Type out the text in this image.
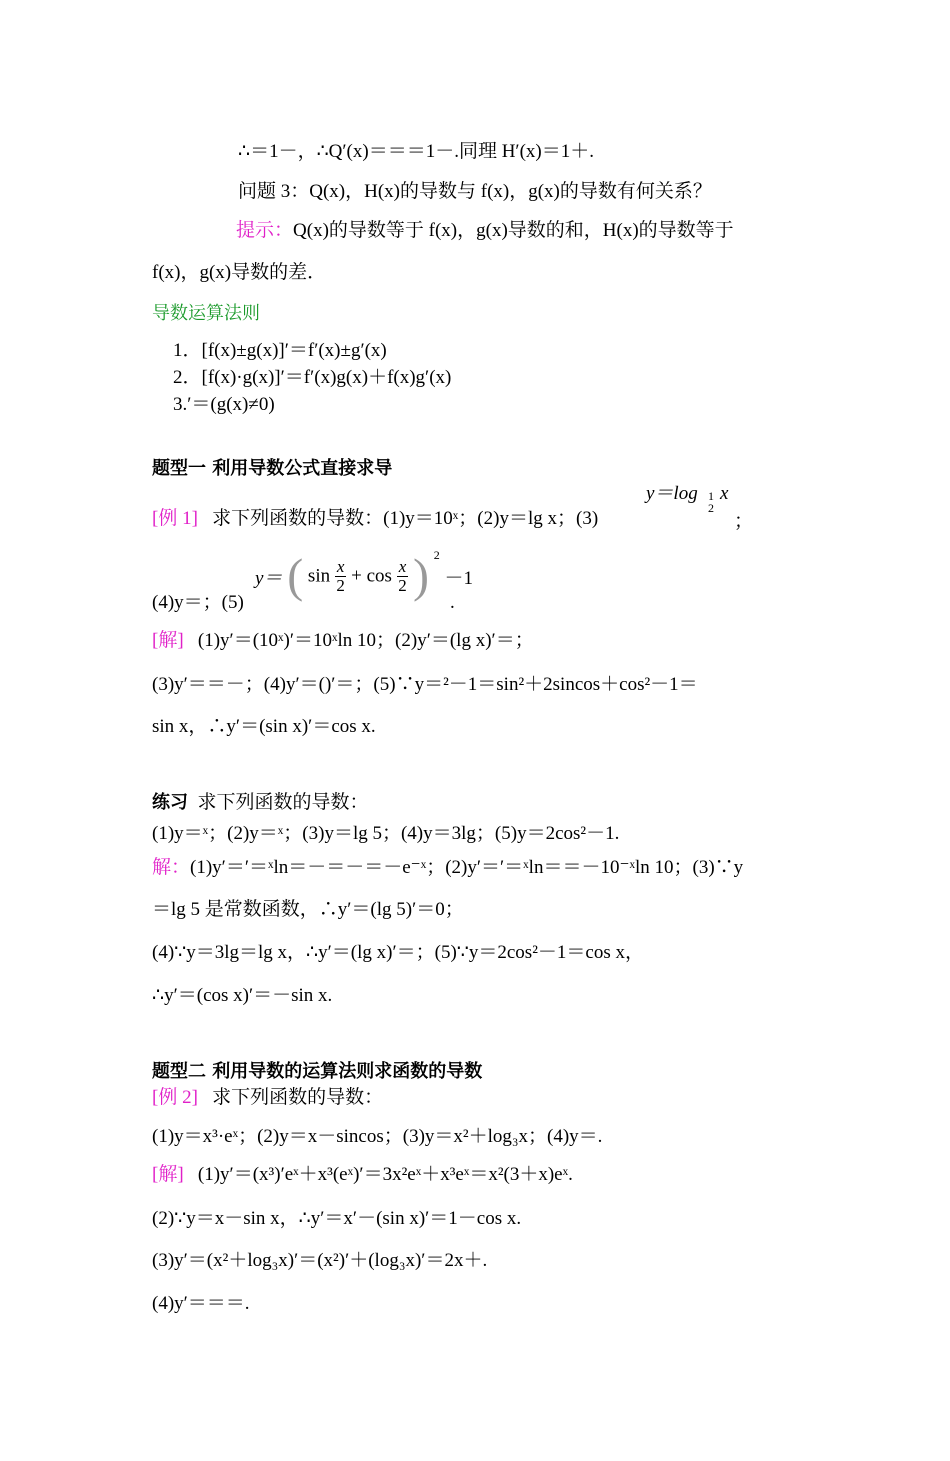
∴＝1－，∴Q′(x)＝＝＝1－.同理 H′(x)＝1＋.
问题 3：Q(x)，H(x)的导数与 f(x)，g(x)的导数有何关系？
提示：Q(x)的导数等于 f(x)，g(x)导数的和，H(x)的导数等于
f(x)，g(x)导数的差．
导数运算法则
1．[f(x)±g(x)]′＝f′(x)±g′(x)
2．[f(x)·g(x)]′＝f′(x)g(x)＋f(x)g′(x)
3.′＝(g(x)≠0)
题型一 利用导数公式直接求导
[例 1] 求下列函数的导数：(1)y＝10ˣ；(2)y＝lg x；(3)
y＝log 1
2
x
；
(4)y＝；(5)
y＝ ( $\sin \frac{x}{2} + \cos \frac{x}{2}$ ) $^2$ －1
.
[解] (1)y′＝(10ˣ)′＝10ˣln 10；(2)y′＝(lg x)′＝；
(3)y′＝＝－；(4)y′＝()′＝；(5)∵y＝²－1＝sin²＋2sincos＋cos²－1＝
sin x，∴y′＝(sin x)′＝cos x.
练习 求下列函数的导数：
(1)y＝ˣ；(2)y＝ˣ；(3)y＝lg 5；(4)y＝3lg；(5)y＝2cos²－1.
解：(1)y′＝′＝ˣln＝－＝－＝－e⁻ˣ；(2)y′＝′＝ˣln＝＝－10⁻ˣln 10；(3)∵y
＝lg 5 是常数函数，∴y′＝(lg 5)′＝0；
(4)∵y＝3lg＝lg x，∴y′＝(lg x)′＝；(5)∵y＝2cos²－1＝cos x，
∴y′＝(cos x)′＝－sin x.
题型二 利用导数的运算法则求函数的导数
[例 2] 求下列函数的导数：
(1)y＝x³·eˣ；(2)y＝x－sincos；(3)y＝x²＋log₃x；(4)y＝.
[解] (1)y′＝(x³)′eˣ＋x³(eˣ)′＝3x²eˣ＋x³eˣ＝x²(3＋x)eˣ.
(2)∵y＝x－sin x，∴y′＝x′－(sin x)′＝1－cos x.
(3)y′＝(x²＋log₃x)′＝(x²)′＋(log₃x)′＝2x＋.
(4)y′＝＝＝.
